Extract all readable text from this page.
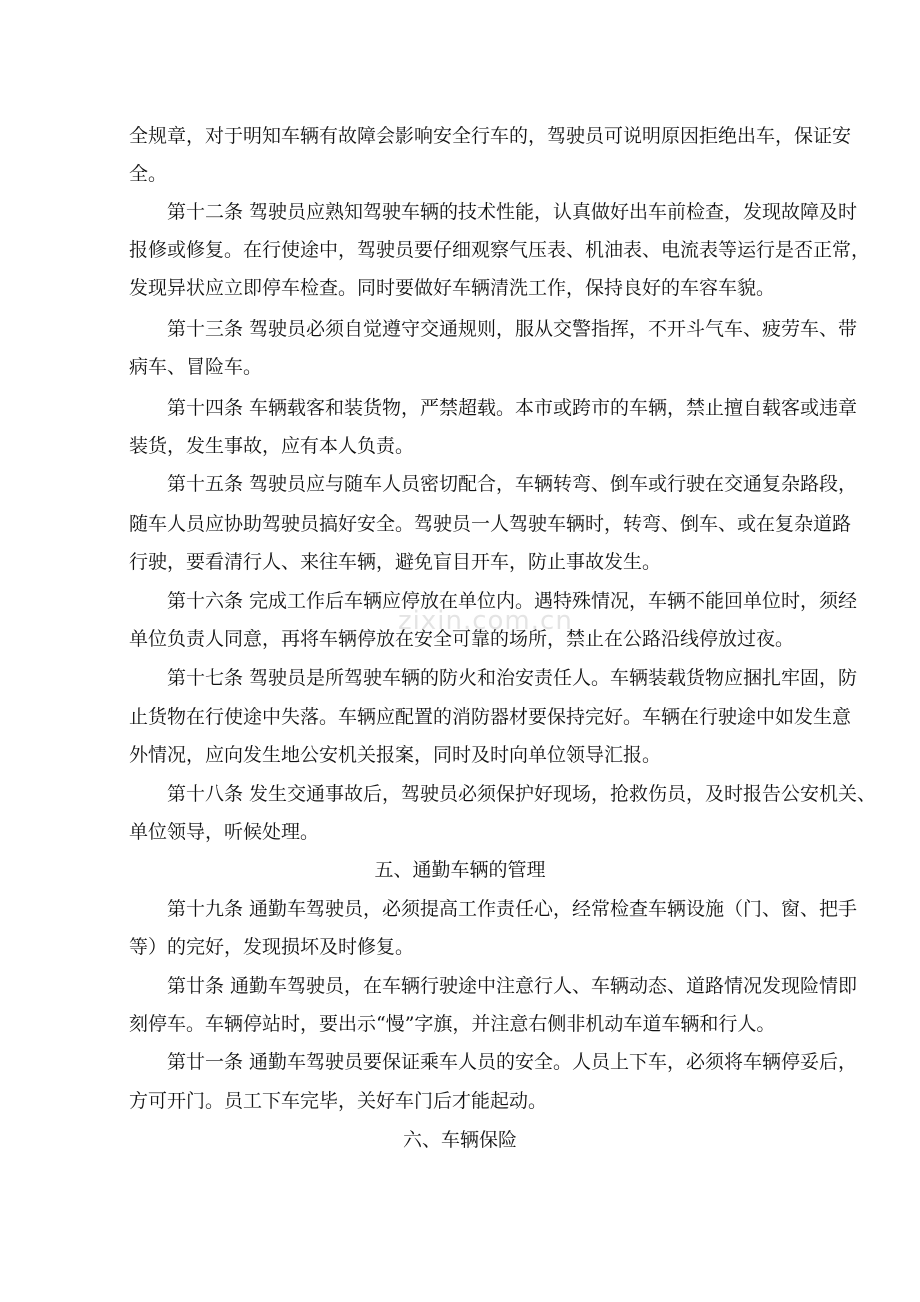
全规章，对于明知车辆有故障会影响安全行车的，驾驶员可说明原因拒绝出车，保证安
全。
第十二条 驾驶员应熟知驾驶车辆的技术性能，认真做好出车前检查，发现故障及时
报修或修复。在行使途中，驾驶员要仔细观察气压表、机油表、电流表等运行是否正常，
发现异状应立即停车检查。同时要做好车辆清洗工作，保持良好的车容车貌。
第十三条 驾驶员必须自觉遵守交通规则，服从交警指挥，不开斗气车、疲劳车、带
病车、冒险车。
第十四条 车辆载客和装货物，严禁超载。本市或跨市的车辆，禁止擅自载客或违章
装货，发生事故，应有本人负责。
第十五条 驾驶员应与随车人员密切配合，车辆转弯、倒车或行驶在交通复杂路段，
随车人员应协助驾驶员搞好安全。驾驶员一人驾驶车辆时，转弯、倒车、或在复杂道路
行驶，要看清行人、来往车辆，避免盲目开车，防止事故发生。
第十六条 完成工作后车辆应停放在单位内。遇特殊情况，车辆不能回单位时，须经
单位负责人同意，再将车辆停放在安全可靠的场所，禁止在公路沿线停放过夜。
第十七条 驾驶员是所驾驶车辆的防火和治安责任人。车辆装载货物应捆扎牢固，防
止货物在行使途中失落。车辆应配置的消防器材要保持完好。车辆在行驶途中如发生意
外情况，应向发生地公安机关报案，同时及时向单位领导汇报。
第十八条 发生交通事故后，驾驶员必须保护好现场，抢救伤员，及时报告公安机关、
单位领导，听候处理。
五、通勤车辆的管理
第十九条 通勤车驾驶员，必须提高工作责任心，经常检查车辆设施（门、窗、把手
等）的完好，发现损坏及时修复。
第廿条 通勤车驾驶员，在车辆行驶途中注意行人、车辆动态、道路情况发现险情即
刻停车。车辆停站时，要出示“慢”字旗，并注意右侧非机动车道车辆和行人。
第廿一条 通勤车驾驶员要保证乘车人员的安全。人员上下车，必须将车辆停妥后，
方可开门。员工下车完毕，关好车门后才能起动。
六、车辆保险
zixin.com.cn
